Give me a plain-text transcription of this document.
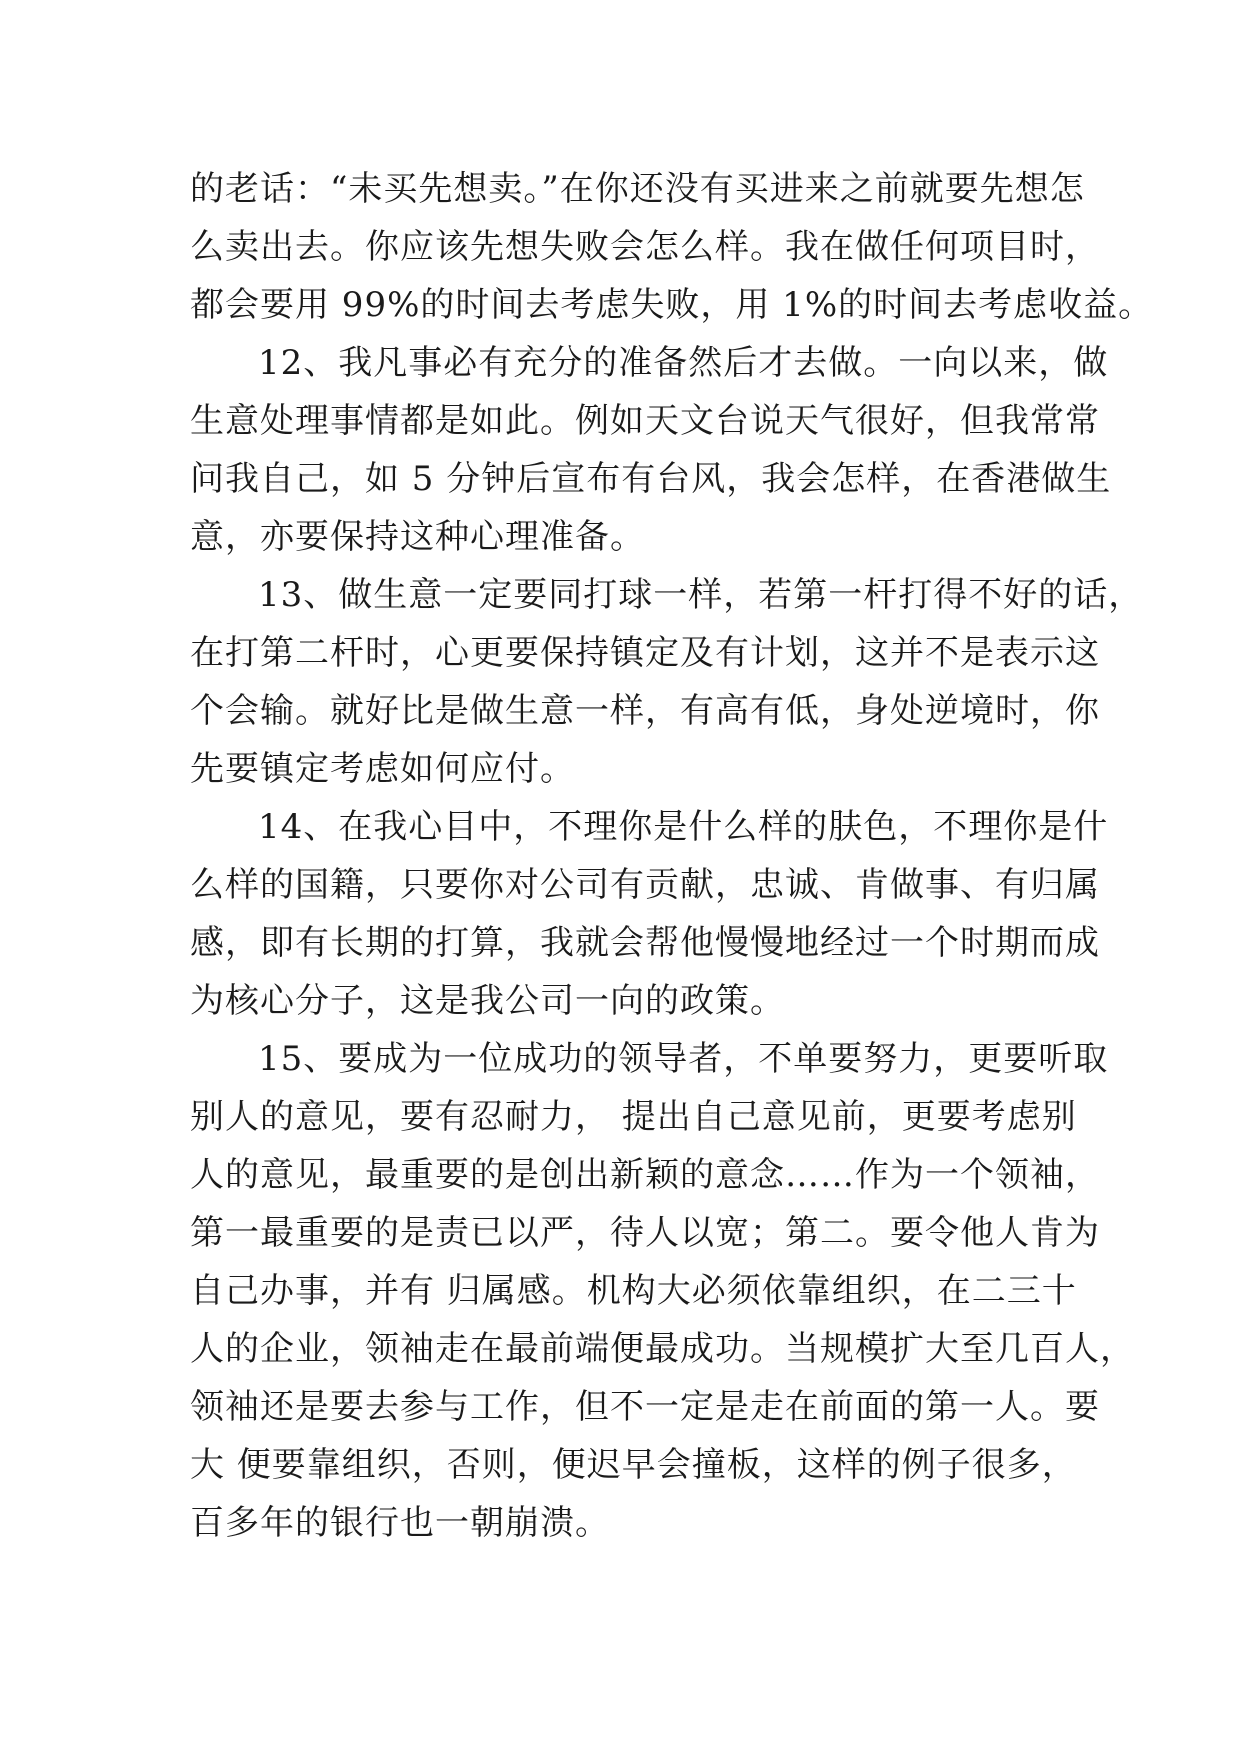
的老话：“未买先想卖。”在你还没有买进来之前就要先想怎
么卖出去。你应该先想失败会怎么样。我在做任何项目时，
都会要用 99%的时间去考虑失败，用 1%的时间去考虑收益。
12、我凡事必有充分的准备然后才去做。一向以来，做
生意处理事情都是如此。例如天文台说天气很好，但我常常
问我自己，如 5 分钟后宣布有台风，我会怎样，在香港做生
意，亦要保持这种心理准备。
13、做生意一定要同打球一样，若第一杆打得不好的话，
在打第二杆时，心更要保持镇定及有计划，这并不是表示这
个会输。就好比是做生意一样，有高有低，身处逆境时，你
先要镇定考虑如何应付。
14、在我心目中，不理你是什么样的肤色，不理你是什
么样的国籍，只要你对公司有贡献，忠诚、肯做事、有归属
感，即有长期的打算，我就会帮他慢慢地经过一个时期而成
为核心分子，这是我公司一向的政策。
15、要成为一位成功的领导者，不单要努力，更要听取
别人的意见，要有忍耐力， 提出自己意见前，更要考虑别
人的意见，最重要的是创出新颖的意念……作为一个领袖，
第一最重要的是责已以严，待人以宽；第二。要令他人肯为
自己办事，并有 归属感。机构大必须依靠组织，在二三十
人的企业，领袖走在最前端便最成功。当规模扩大至几百人，
领袖还是要去参与工作，但不一定是走在前面的第一人。要
大 便要靠组织，否则，便迟早会撞板，这样的例子很多，
百多年的银行也一朝崩溃。
